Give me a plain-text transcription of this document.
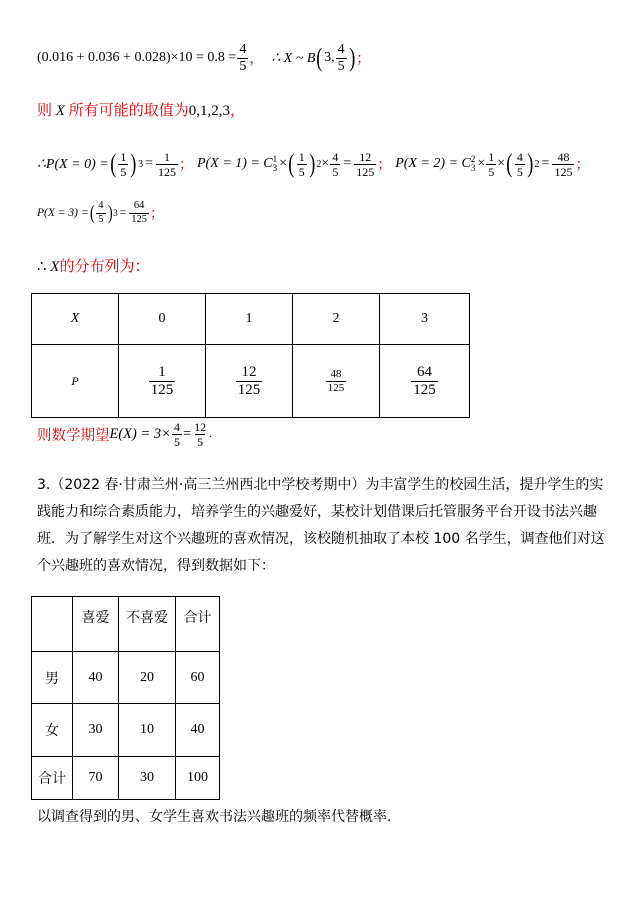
$(0.016 + 0.036 + 0.028)\times 10 = 0.8 = \frac{4}{5}$ ， ∴ X ~ B ( 3, $\frac{4}{5}$ ) ；
则 X 所有可能的取值为0,1,2,3，
∴P(X = 0) = ( $\frac{1}{5}$ ) $3 = \frac{1}{125}$ ； P(X = 1) = C 1
3 × ( $\frac{1}{5}$ ) $2 \times \frac{4}{5} = \frac{12}{125}$ ； P(X = 2) = C 2
$3 \times \frac{1}{5}$ × ( $\frac{4}{5}$ ) $2 = \frac{48}{125}$ ；
P(X = 3) = ( $\frac{4}{5}$ ) $3 = \frac{64}{125}$ ；
∴ X的分布列为：
X	0	1	2	3
P	$\frac{1}{125}$	$\frac{12}{125}$	$\frac{48}{125}$	$\frac{64}{125}$
则数学期望 $E(X) = 3\times \frac{4}{5} = \frac{12}{5}$ .
3.（2022 春·甘肃兰州·高三兰州西北中学校考期中）为丰富学生的校园生活，提升学生的实践能力和综合素质能力，培养学生的兴趣爱好，某校计划借课后托管服务平台开设书法兴趣班．为了解学生对这个兴趣班的喜欢情况，该校随机抽取了本校 100 名学生，调查他们对这个兴趣班的喜欢情况，得到数据如下：
	喜爱	不喜爱	合计
男	40	20	60
女	30	10	40
合计	70	30	100
以调查得到的男、女学生喜欢书法兴趣班的频率代替概率.
